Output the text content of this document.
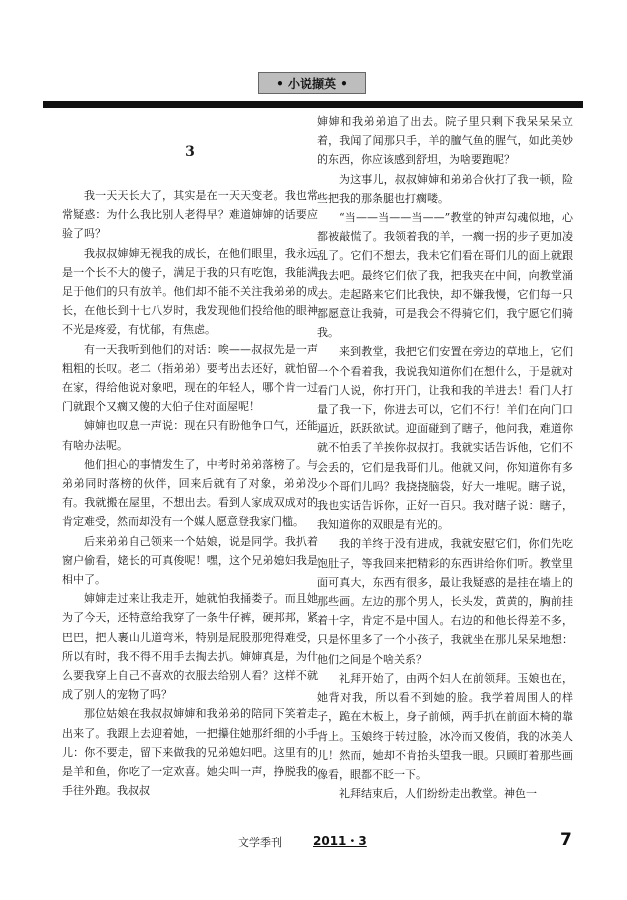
• 小说撷英 •
3

我一天天长大了，其实是在一天天变老。我也常常疑惑：为什么我比别人老得早？难道婶婶的话要应验了吗？

我叔叔婶婶无视我的成长，在他们眼里，我永远是一个长不大的傻子，满足于我的只有吃饱，我能满足于他们的只有放羊。他们却不能不关注我弟弟的成长，在他长到十七八岁时，我发现他们投给他的眼神不光是疼爱，有忧郁，有焦虑。

有一天我听到他们的对话：唉——叔叔先是一声粗粗的长叹。老二（指弟弟）要考出去还好，就怕留在家，得给他说对象吧，现在的年轻人，哪个肯一过门就跟个又瘸又傻的大伯子住对面屋呢！

婶婶也叹息一声说：现在只有盼他争口气，还能有啥办法呢。

他们担心的事情发生了，中考时弟弟落榜了。与弟弟同时落榜的伙伴，回来后就有了对象，弟弟没有。我就搬在屋里，不想出去。看到人家成双成对的肯定难受，然而却没有一个媒人愿意登我家门槛。

后来弟弟自己领来一个姑娘，说是同学。我扒着窗户偷看，姥长的可真俊呢！嘿，这个兄弟媳妇我是相中了。

婶婶走过来让我走开，她就怕我捅娄子。而且她为了今天，还特意给我穿了一条牛仔裤，硬邦邦，紧巴巴，把人裹山儿道弯米，特别是屁股那兜得难受，所以有时，我不得不用手去掏去扒。婶婶真是，为什么要我穿上自己不喜欢的衣服去给别人看？这样不就成了别人的宠物了吗？

那位姑娘在我叔叔婶婶和我弟弟的陪同下笑着走出来了。我跟上去迎着她，一把攥住她那纤细的小手儿：你不要走，留下来做我的兄弟媳妇吧。这里有的是羊和鱼，你吃了一定欢喜。她尖叫一声，挣脱我的手往外跑。我叔叔

婶婶和我弟弟追了出去。院子里只剩下我呆呆呆立着，我闻了闻那只手，羊的膻气鱼的腥气，如此美妙的东西，你应该感到舒坦，为啥要跑呢？

为这事儿，叔叔婶婶和弟弟合伙打了我一顿，险些把我的那条腿也打瘸喽。

“当——当——当——”教堂的钟声勾魂似地，心都被敲慌了。我领着我的羊，一瘸一拐的步子更加凌乱了。它们不想去，我未它们看在哥们儿的面上就跟我去吧。最终它们依了我，把我夹在中间，向教堂涌去。走起路来它们比我快，却不嫌我慢，它们每一只都愿意让我骑，可是我会不得骑它们，我宁愿它们骑我。

来到教堂，我把它们安置在旁边的草地上，它们一个个看着我，我说我知道你们在想什么，于是就对看门人说，你打开门，让我和我的羊进去！看门人打量了我一下，你进去可以，它们不行！羊们在向门口逼近，跃跃欲试。迎面碰到了瞎子，他问我，难道你就不怕丢了羊挨你叔叔打。我就实话告诉他，它们不会丢的，它们是我哥们儿。他就又问，你知道你有多少个哥们儿吗？我挠挠脑袋，好大一堆呢。瞎子说，我也实话告诉你，正好一百只。我对瞎子说：瞎子，我知道你的双眼是有光的。

我的羊终于没有进成，我就安慰它们，你们先吃饱肚子，等我回来把精彩的东西讲给你们听。教堂里面可真大，东西有很多，最让我疑惑的是挂在墙上的那些画。左边的那个男人，长头发，黄黄的，胸前挂着十字，肯定不是中国人。右边的和他长得差不多，只是怀里多了一个小孩子，我就坐在那儿呆呆地想：他们之间是个啥关系？

礼拜开始了，由两个妇人在前领拜。玉娘也在，她背对我，所以看不到她的脸。我学着周围人的样子，跪在木板上，身子前倾，两手扒在前面木椅的靠背上。玉娘终于转过脸，冰冷而又俊俏，我的冰美人儿！然而，她却不肯抬头望我一眼。只顾盯着那些画像看，眼都不眨一下。

礼拜结束后，人们纷纷走出教堂。神色一

文学季刊	2011・3	7
